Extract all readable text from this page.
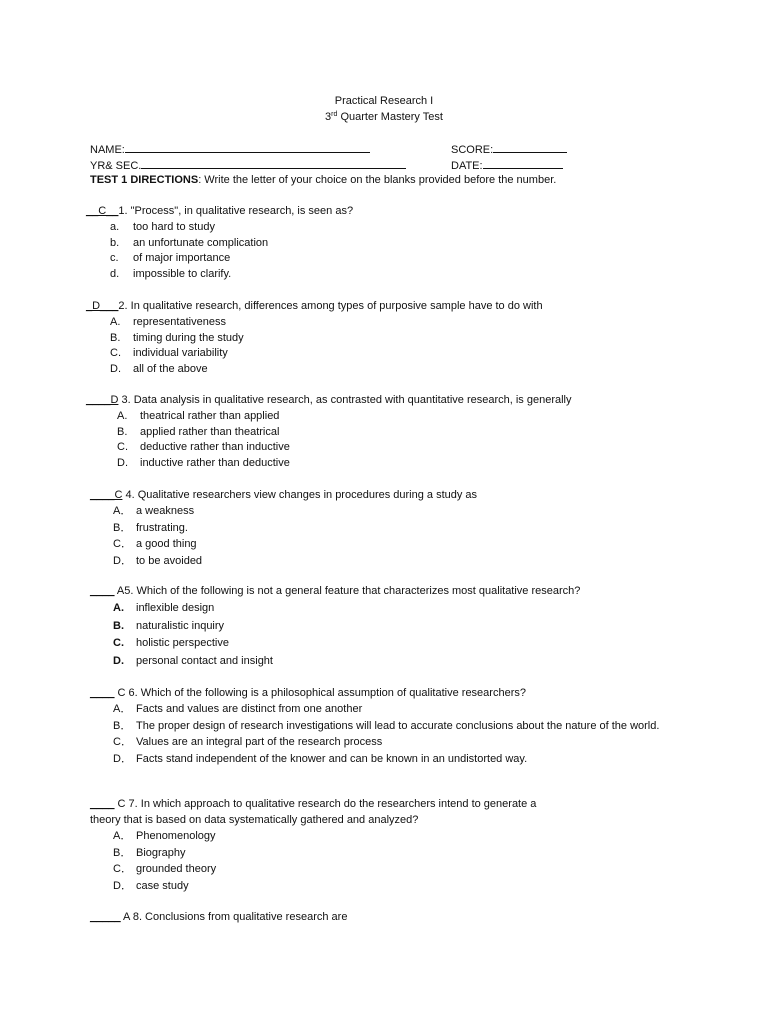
Practical Research I
3rd Quarter Mastery Test
NAME:	SCORE:
YR& SEC.	DATE:
TEST 1 DIRECTIONS: Write the letter of your choice on the blanks provided before the number.
__C__1. "Process", in qualitative research, is seen as?
a.	too hard to study
b.	an unfortunate complication
c.	of major importance
d.	impossible to clarify.
_D___2. In qualitative research, differences among types of purposive sample have to do with
A.	representativeness
B.	timing during the study
C.	individual variability
D.	all of the above
____D 3. Data analysis in qualitative research, as contrasted with quantitative research, is generally
A.	theatrical rather than applied
B.	applied rather than theatrical
C.	deductive rather than inductive
D.	inductive rather than deductive
____C 4. Qualitative researchers view changes in procedures during a study as
A． a weakness
B． frustrating.
C． a good thing
D． to be avoided
____ A5. Which of the following is not a general feature that characterizes most qualitative research?
A.	inflexible design
B.	naturalistic inquiry
C.	holistic perspective
D.	personal contact and insight
____ C 6. Which of the following is a philosophical assumption of qualitative researchers?
A． Facts and values are distinct from one another
B． The proper design of research investigations will lead to accurate conclusions about the nature of the world.
C． Values are an integral part of the research process
D． Facts stand independent of the knower and can be known in an undistorted way.
____ C 7. In which approach to qualitative research do the researchers intend to generate a
theory that is based on data systematically gathered and analyzed?
A． Phenomenology
B． Biography
C． grounded theory
D． case study
_____ A 8. Conclusions from qualitative research are
